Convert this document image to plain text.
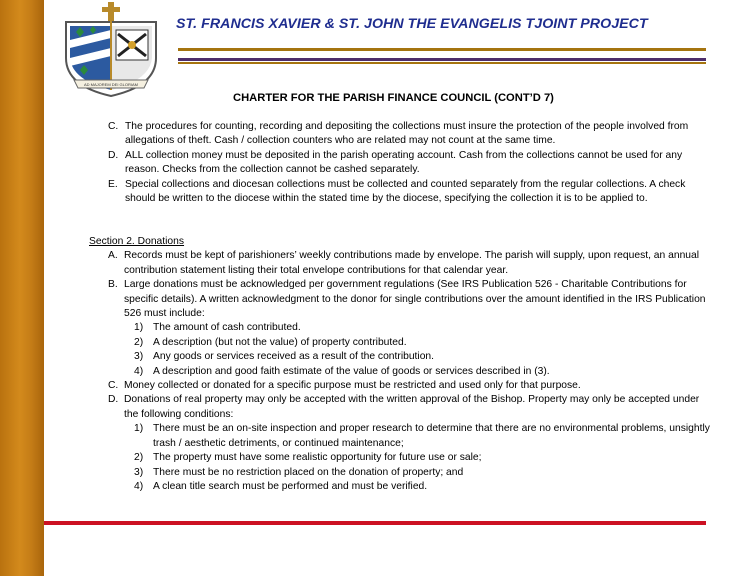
AD MAJOREM DEI GLORIAM
ST. FRANCIS XAVIER & ST. JOHN THE EVANGELIS TJOINT PROJECT
CHARTER FOR THE PARISH FINANCE COUNCIL (CONT’D 7)
C. The procedures for counting, recording and depositing the collections must insure the protection of the people involved from allegations of theft. Cash / collection counters who are related may not count at the same time.
D. ALL collection money must be deposited in the parish operating account. Cash from the collections cannot be used for any reason. Checks from the collection cannot be cashed separately.
E. Special collections and diocesan collections must be collected and counted separately from the regular collections. A check should be written to the diocese within the stated time by the diocese, specifying the collection it is to be applied to.
Section 2. Donations
A. Records must be kept of parishioners’ weekly contributions made by envelope. The parish will supply, upon request, an annual contribution statement listing their total envelope contributions for that calendar year.
B. Large donations must be acknowledged per government regulations (See IRS Publication 526 - Charitable Contributions for specific details). A written acknowledgment to the donor for single contributions over the amount identified in the IRS Publication 526 must include:
1) The amount of cash contributed.
2) A description (but not the value) of property contributed.
3) Any goods or services received as a result of the contribution.
4) A description and good faith estimate of the value of goods or services described in (3).
C. Money collected or donated for a specific purpose must be restricted and used only for that purpose.
D. Donations of real property may only be accepted with the written approval of the Bishop. Property may only be accepted under the following conditions:
1) There must be an on-site inspection and proper research to determine that there are no environmental problems, unsightly trash / aesthetic detriments, or continued maintenance;
2) The property must have some realistic opportunity for future use or sale;
3) There must be no restriction placed on the donation of property; and
4) A clean title search must be performed and must be verified.
